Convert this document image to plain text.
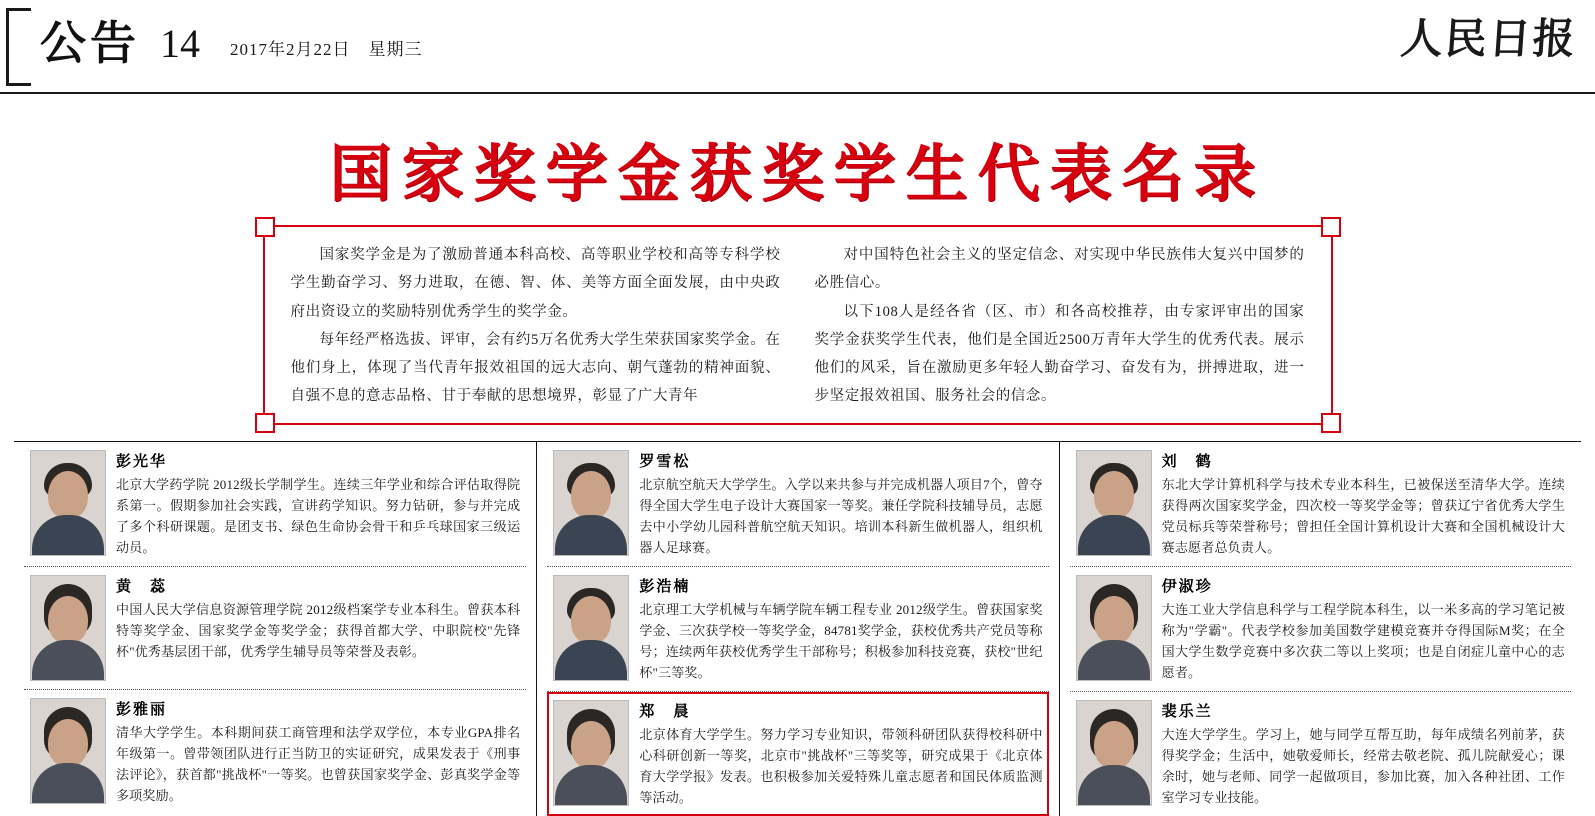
公告 14 2017年2月22日　星期三	人民日报
国家奖学金获奖学生代表名录

国家奖学金是为了激励普通本科高校、高等职业学校和高等专科学校学生勤奋学习、努力进取，在德、智、体、美等方面全面发展，由中央政府出资设立的奖励特别优秀学生的奖学金。

每年经严格选拔、评审，会有约5万名优秀大学生荣获国家奖学金。在他们身上，体现了当代青年报效祖国的远大志向、朝气蓬勃的精神面貌、自强不息的意志品格、甘于奉献的思想境界，彰显了广大青年

对中国特色社会主义的坚定信念、对实现中华民族伟大复兴中国梦的必胜信心。

以下108人是经各省（区、市）和各高校推荐，由专家评审出的国家奖学金获奖学生代表，他们是全国近2500万青年大学生的优秀代表。展示他们的风采，旨在激励更多年轻人勤奋学习、奋发有为，拼搏进取，进一步坚定报效祖国、服务社会的信念。

彭光华
北京大学药学院 2012级长学制学生。连续三年学业和综合评估取得院系第一。假期参加社会实践，宣讲药学知识。努力钻研，参与并完成了多个科研课题。是团支书、绿色生命协会骨干和乒乓球国家三级运动员。
黄　蕊
中国人民大学信息资源管理学院 2012级档案学专业本科生。曾获本科特等奖学金、国家奖学金等奖学金；获得首都大学、中职院校"先锋杯"优秀基层团干部，优秀学生辅导员等荣誉及表彰。
彭雅丽
清华大学学生。本科期间获工商管理和法学双学位，本专业GPA排名年级第一。曾带领团队进行正当防卫的实证研究，成果发表于《刑事法评论》，获首都"挑战杯"一等奖。也曾获国家奖学金、彭真奖学金等多项奖励。
罗雪松
北京航空航天大学学生。入学以来共参与并完成机器人项目7个，曾夺得全国大学生电子设计大赛国家一等奖。兼任学院科技辅导员，志愿去中小学幼儿园科普航空航天知识。培训本科新生做机器人，组织机器人足球赛。
彭浩楠
北京理工大学机械与车辆学院车辆工程专业 2012级学生。曾获国家奖学金、三次获学校一等奖学金，84781奖学金，获校优秀共产党员等称号；连续两年获校优秀学生干部称号；积极参加科技竞赛，获校"世纪杯"三等奖。
郑　晨
北京体育大学学生。努力学习专业知识，带领科研团队获得校科研中心科研创新一等奖，北京市"挑战杯"三等奖等，研究成果于《北京体育大学学报》发表。也积极参加关爱特殊儿童志愿者和国民体质监测等活动。
刘　鹤
东北大学计算机科学与技术专业本科生，已被保送至清华大学。连续获得两次国家奖学金，四次校一等奖学金等；曾获辽宁省优秀大学生党员标兵等荣誉称号；曾担任全国计算机设计大赛和全国机械设计大赛志愿者总负责人。
伊淑珍
大连工业大学信息科学与工程学院本科生，以一米多高的学习笔记被称为"学霸"。代表学校参加美国数学建模竞赛并夺得国际M奖；在全国大学生数学竞赛中多次获二等以上奖项；也是自闭症儿童中心的志愿者。
裴乐兰
大连大学学生。学习上，她与同学互帮互助，每年成绩名列前茅，获得奖学金；生活中，她敬爱师长，经常去敬老院、孤儿院献爱心；课余时，她与老师、同学一起做项目，参加比赛，加入各种社团、工作室学习专业技能。
